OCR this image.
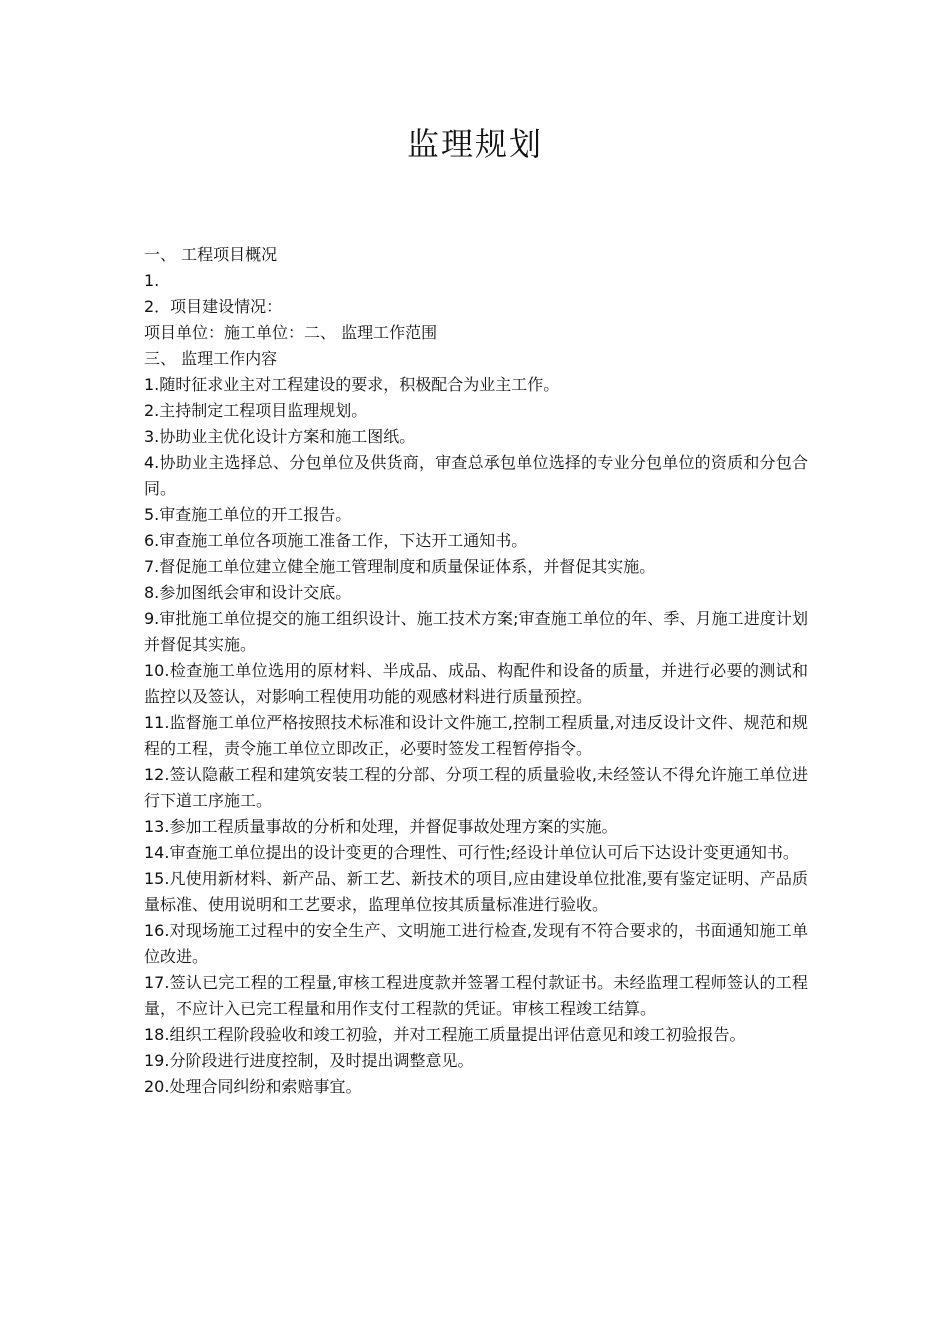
监理规划

一、 工程项目概况

1.

2．项目建设情况：

项目单位：施工单位：二、 监理工作范围

三、 监理工作内容

1.随时征求业主对工程建设的要求，积极配合为业主工作。

2.主持制定工程项目监理规划。

3.协助业主优化设计方案和施工图纸。

4.协助业主选择总、分包单位及供货商，审查总承包单位选择的专业分包单位的资质和分包合同。

5.审查施工单位的开工报告。

6.审查施工单位各项施工准备工作，下达开工通知书。

7.督促施工单位建立健全施工管理制度和质量保证体系，并督促其实施。

8.参加图纸会审和设计交底。

9.审批施工单位提交的施工组织设计、施工技术方案;审查施工单位的年、季、月施工进度计划并督促其实施。

10.检查施工单位选用的原材料、半成品、成品、构配件和设备的质量，并进行必要的测试和监控以及签认，对影响工程使用功能的观感材料进行质量预控。

11.监督施工单位严格按照技术标准和设计文件施工,控制工程质量,对违反设计文件、规范和规程的工程，责令施工单位立即改正，必要时签发工程暂停指令。

12.签认隐蔽工程和建筑安装工程的分部、分项工程的质量验收,未经签认不得允许施工单位进行下道工序施工。

13.参加工程质量事故的分析和处理，并督促事故处理方案的实施。

14.审查施工单位提出的设计变更的合理性、可行性;经设计单位认可后下达设计变更通知书。

15.凡使用新材料、新产品、新工艺、新技术的项目,应由建设单位批准,要有鉴定证明、产品质量标准、使用说明和工艺要求，监理单位按其质量标准进行验收。

16.对现场施工过程中的安全生产、文明施工进行检查,发现有不符合要求的，书面通知施工单位改进。

17.签认已完工程的工程量,审核工程进度款并签署工程付款证书。未经监理工程师签认的工程量，不应计入已完工程量和用作支付工程款的凭证。审核工程竣工结算。

18.组织工程阶段验收和竣工初验，并对工程施工质量提出评估意见和竣工初验报告。

19.分阶段进行进度控制，及时提出调整意见。

20.处理合同纠纷和索赔事宜。
